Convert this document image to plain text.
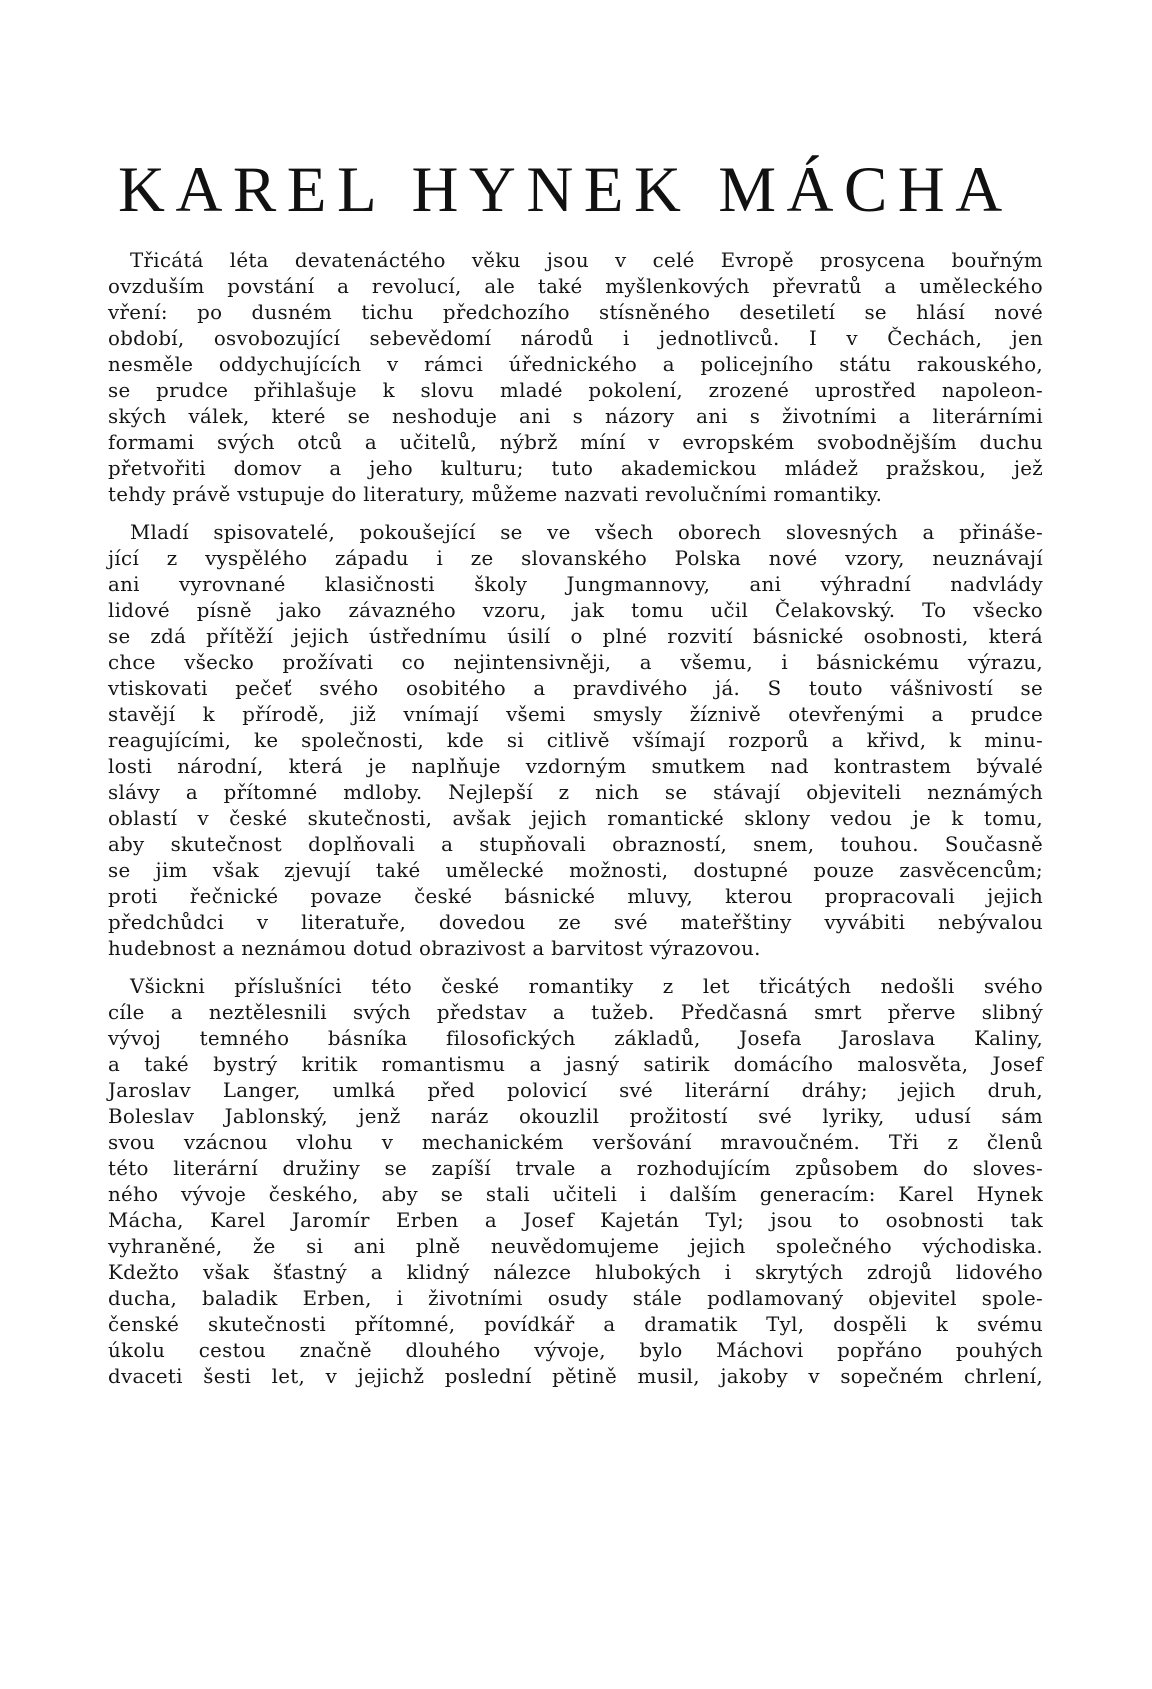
KAREL HYNEK MÁCHA
Třicátá léta devatenáctého věku jsou v celé Evropě prosycena bouřným
ovzduším povstání a revolucí, ale také myšlenkových převratů a uměleckého
vření: po dusném tichu předchozího stísněného desetiletí se hlásí nové
období, osvobozující sebevědomí národů i jednotlivců. I v Čechách, jen
nesměle oddychujících v rámci úřednického a policejního státu rakouského,
se prudce přihlašuje k slovu mladé pokolení, zrozené uprostřed napoleon-
ských válek, které se neshoduje ani s názory ani s životními a literárními
formami svých otců a učitelů, nýbrž míní v evropském svobodnějším duchu
přetvořiti domov a jeho kulturu; tuto akademickou mládež pražskou, jež
tehdy právě vstupuje do literatury, můžeme nazvati revolučními romantiky.
Mladí spisovatelé, pokoušející se ve všech oborech slovesných a přináše-
jící z vyspělého západu i ze slovanského Polska nové vzory, neuznávají
ani vyrovnané klasičnosti školy Jungmannovy, ani výhradní nadvlády
lidové písně jako závazného vzoru, jak tomu učil Čelakovský. To všecko
se zdá přítěží jejich ústřednímu úsilí o plné rozvití básnické osobnosti, která
chce všecko prožívati co nejintensivněji, a všemu, i básnickému výrazu,
vtiskovati pečeť svého osobitého a pravdivého já. S touto vášnivostí se
stavějí k přírodě, již vnímají všemi smysly žíznivě otevřenými a prudce
reagujícími, ke společnosti, kde si citlivě všímají rozporů a křivd, k minu-
losti národní, která je naplňuje vzdorným smutkem nad kontrastem bývalé
slávy a přítomné mdloby. Nejlepší z nich se stávají objeviteli neznámých
oblastí v české skutečnosti, avšak jejich romantické sklony vedou je k tomu,
aby skutečnost doplňovali a stupňovali obrazností, snem, touhou. Současně
se jim však zjevují také umělecké možnosti, dostupné pouze zasvěcencům;
proti řečnické povaze české básnické mluvy, kterou propracovali jejich
předchůdci v literatuře, dovedou ze své mateřštiny vyvábiti nebývalou
hudebnost a neznámou dotud obrazivost a barvitost výrazovou.
Všickni příslušníci této české romantiky z let třicátých nedošli svého
cíle a neztělesnili svých představ a tužeb. Předčasná smrt přerve slibný
vývoj temného básníka filosofických základů, Josefa Jaroslava Kaliny,
a také bystrý kritik romantismu a jasný satirik domácího malosvěta, Josef
Jaroslav Langer, umlká před polovicí své literární dráhy; jejich druh,
Boleslav Jablonský, jenž naráz okouzlil prožitostí své lyriky, udusí sám
svou vzácnou vlohu v mechanickém veršování mravoučném. Tři z členů
této literární družiny se zapíší trvale a rozhodujícím způsobem do sloves-
ného vývoje českého, aby se stali učiteli i dalším generacím: Karel Hynek
Mácha, Karel Jaromír Erben a Josef Kajetán Tyl; jsou to osobnosti tak
vyhraněné, že si ani plně neuvědomujeme jejich společného východiska.
Kdežto však šťastný a klidný nálezce hlubokých i skrytých zdrojů lidového
ducha, baladik Erben, i životními osudy stále podlamovaný objevitel spole-
čenské skutečnosti přítomné, povídkář a dramatik Tyl, dospěli k svému
úkolu cestou značně dlouhého vývoje, bylo Máchovi popřáno pouhých
dvaceti šesti let, v jejichž poslední pětině musil, jakoby v sopečném chrlení,
